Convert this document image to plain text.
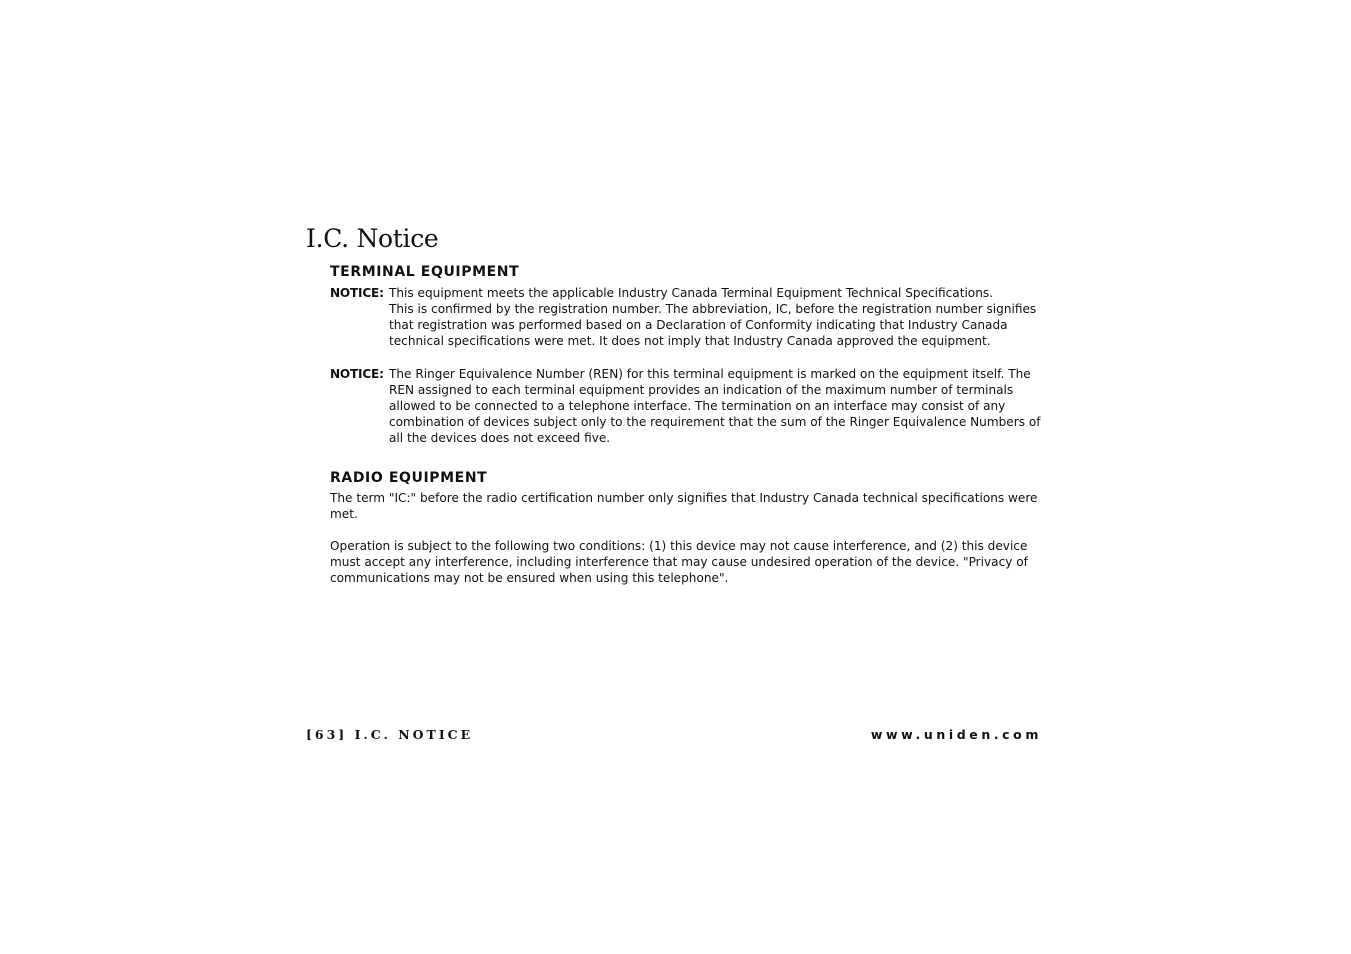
I.C. Notice
TERMINAL EQUIPMENT
NOTICE: This equipment meets the applicable Industry Canada Terminal Equipment Technical Specifications.
This is confirmed by the registration number. The abbreviation, IC, before the registration number signifies
that registration was performed based on a Declaration of Conformity indicating that Industry Canada
technical specifications were met. It does not imply that Industry Canada approved the equipment.

NOTICE: The Ringer Equivalence Number (REN) for this terminal equipment is marked on the equipment itself. The
REN assigned to each terminal equipment provides an indication of the maximum number of terminals
allowed to be connected to a telephone interface. The termination on an interface may consist of any
combination of devices subject only to the requirement that the sum of the Ringer Equivalence Numbers of
all the devices does not exceed five.

RADIO EQUIPMENT

The term "IC:" before the radio certification number only signifies that Industry Canada technical specifications were
met.

Operation is subject to the following two conditions: (1) this device may not cause interference, and (2) this device
must accept any interference, including interference that may cause undesired operation of the device. "Privacy of
communications may not be ensured when using this telephone".

[63] I.C. NOTICE	www.uniden.com
